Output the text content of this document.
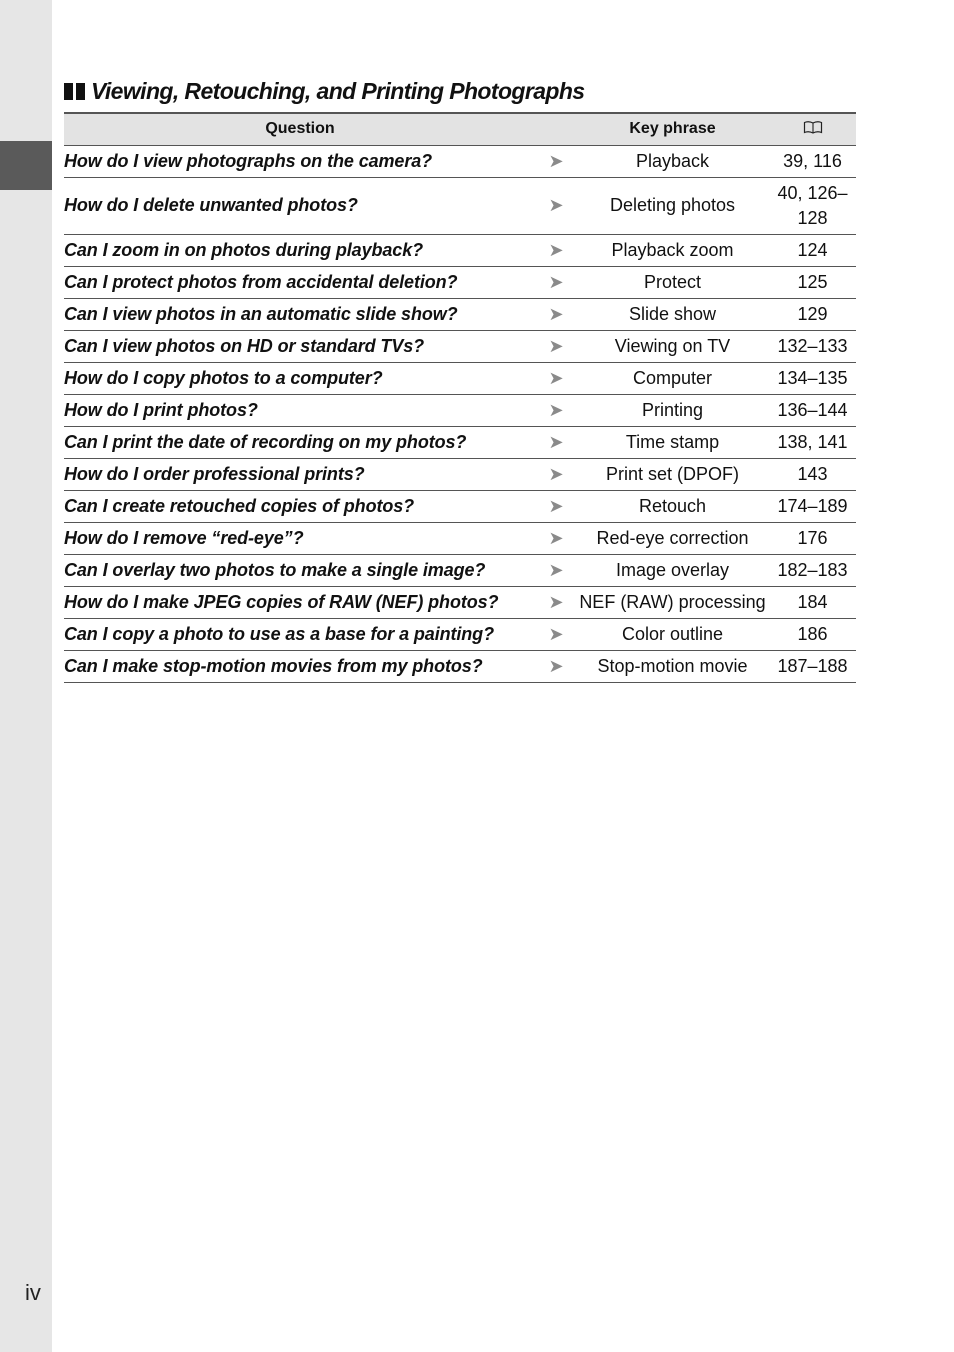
Viewing, Retouching, and Printing Photographs
Question		Key phrase	
How do I view photographs on the camera?	➤	Playback	39, 116
How do I delete unwanted photos?	➤	Deleting photos	40, 126–128
Can I zoom in on photos during playback?	➤	Playback zoom	124
Can I protect photos from accidental deletion?	➤	Protect	125
Can I view photos in an automatic slide show?	➤	Slide show	129
Can I view photos on HD or standard TVs?	➤	Viewing on TV	132–133
How do I copy photos to a computer?	➤	Computer	134–135
How do I print photos?	➤	Printing	136–144
Can I print the date of recording on my photos?	➤	Time stamp	138, 141
How do I order professional prints?	➤	Print set (DPOF)	143
Can I create retouched copies of photos?	➤	Retouch	174–189
How do I remove “red-eye”?	➤	Red-eye correction	176
Can I overlay two photos to make a single image?	➤	Image overlay	182–183
How do I make JPEG copies of RAW (NEF) photos?	➤	NEF (RAW) processing	184
Can I copy a photo to use as a base for a painting?	➤	Color outline	186
Can I make stop-motion movies from my photos?	➤	Stop-motion movie	187–188
iv
